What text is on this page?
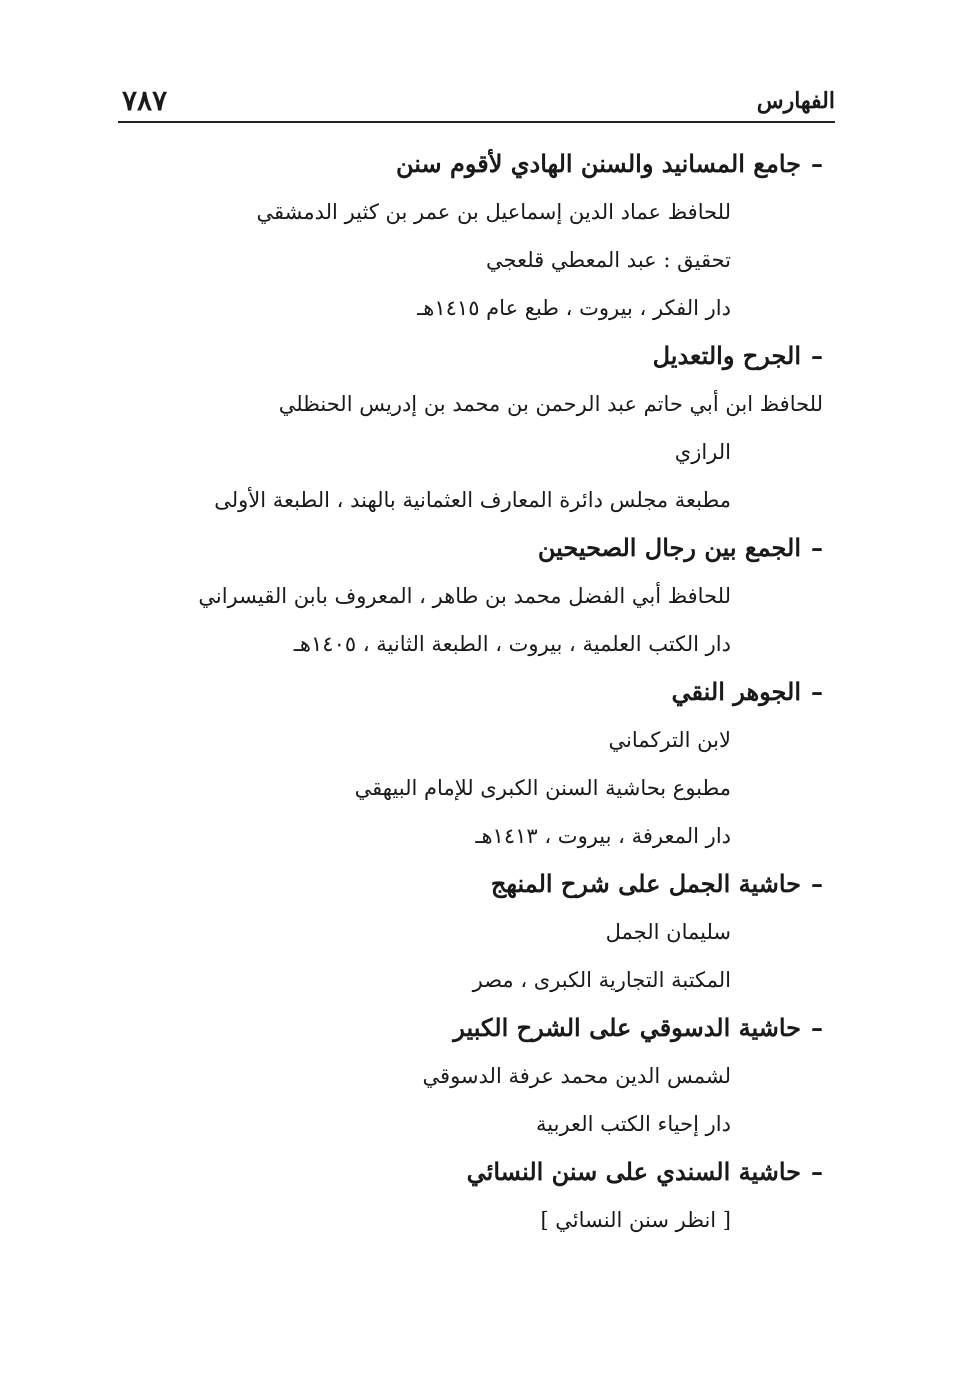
الفهارس
٧٨٧
–جامع المسانيد والسنن الهادي لأقوم سنن
للحافظ عماد الدين إسماعيل بن عمر بن كثير الدمشقي
تحقيق : عبد المعطي قلعجي
دار الفكر ، بيروت ، طبع عام ١٤١٥هـ
–الجرح والتعديل
للحافظ ابن أبي حاتم عبد الرحمن بن محمد بن إدريس الحنظلي
الرازي
مطبعة مجلس دائرة المعارف العثمانية بالهند ، الطبعة الأولى
–الجمع بين رجال الصحيحين
للحافظ أبي الفضل محمد بن طاهر ، المعروف بابن القيسراني
دار الكتب العلمية ، بيروت ، الطبعة الثانية ، ١٤٠٥هـ
–الجوهر النقي
لابن التركماني
مطبوع بحاشية السنن الكبرى للإمام البيهقي
دار المعرفة ، بيروت ، ١٤١٣هـ
–حاشية الجمل على شرح المنهج
سليمان الجمل
المكتبة التجارية الكبرى ، مصر
–حاشية الدسوقي على الشرح الكبير
لشمس الدين محمد عرفة الدسوقي
دار إحياء الكتب العربية
–حاشية السندي على سنن النسائي
[ انظر سنن النسائي ]
